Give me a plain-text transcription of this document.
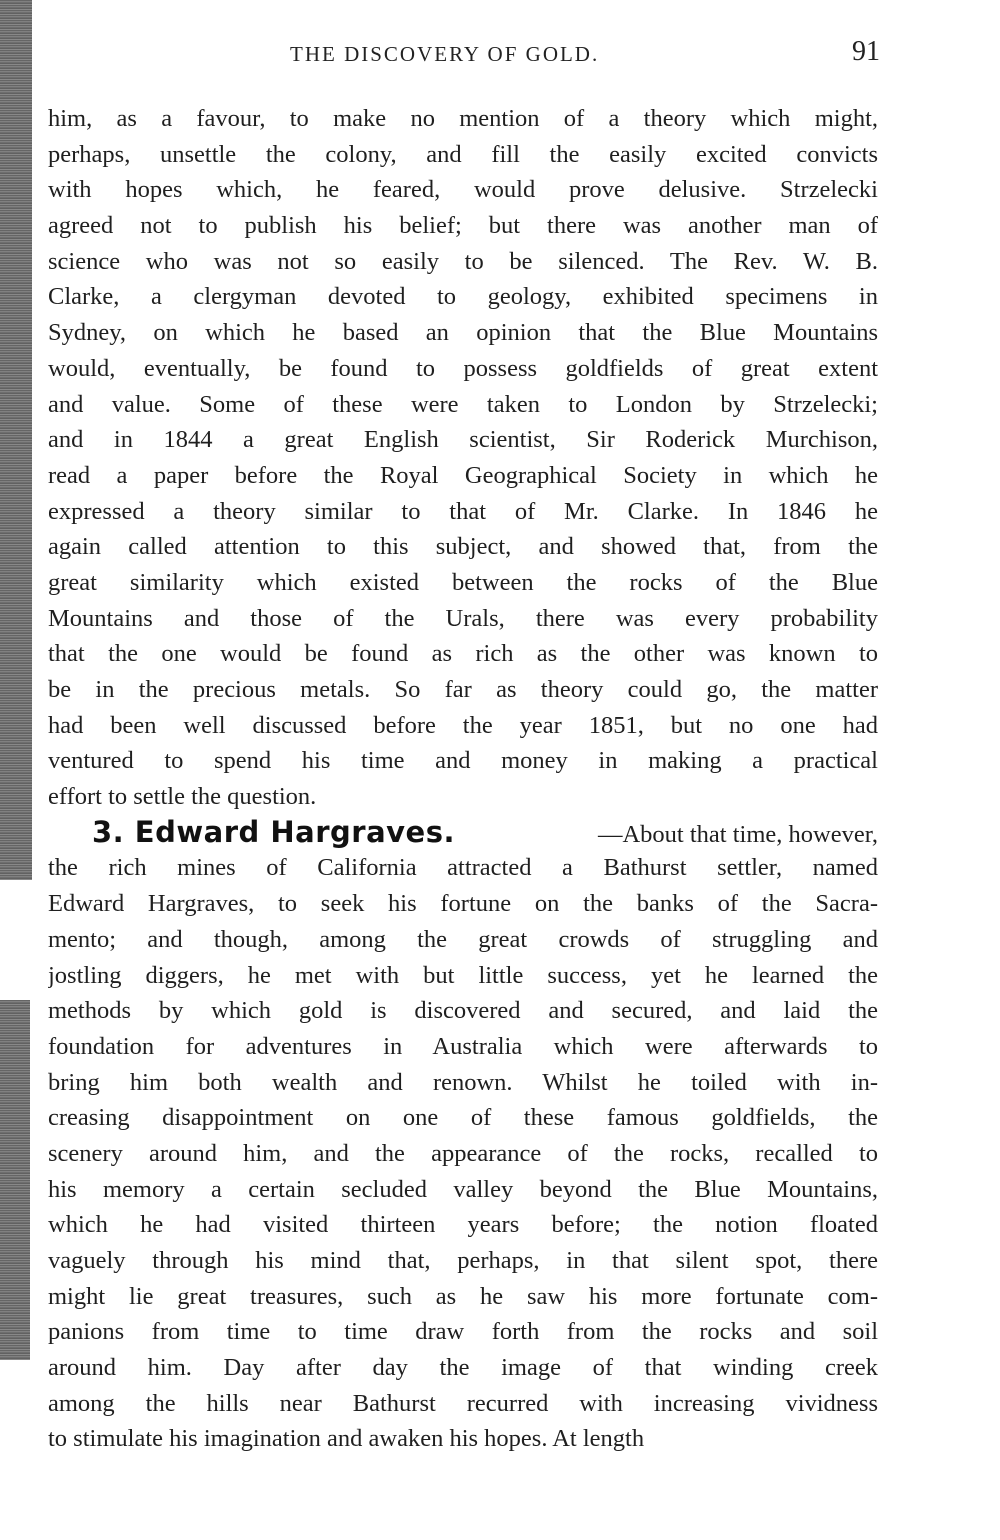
THE DISCOVERY OF GOLD.	91
him, as a favour, to make no mention of a theory which might,
perhaps, unsettle the colony, and fill the easily excited convicts
with hopes which, he feared, would prove delusive. Strzelecki
agreed not to publish his belief; but there was another man of
science who was not so easily to be silenced. The Rev. W. B.
Clarke, a clergyman devoted to geology, exhibited specimens in
Sydney, on which he based an opinion that the Blue Mountains
would, eventually, be found to possess goldfields of great extent
and value. Some of these were taken to London by Strzelecki;
and in 1844 a great English scientist, Sir Roderick Murchison,
read a paper before the Royal Geographical Society in which he
expressed a theory similar to that of Mr. Clarke. In 1846 he
again called attention to this subject, and showed that, from the
great similarity which existed between the rocks of the Blue
Mountains and those of the Urals, there was every probability
that the one would be found as rich as the other was known to
be in the precious metals. So far as theory could go, the matter
had been well discussed before the year 1851, but no one had
ventured to spend his time and money in making a practical
effort to settle the question.
3. Edward Hargraves.	—About that time, however,
the rich mines of California attracted a Bathurst settler, named
Edward Hargraves, to seek his fortune on the banks of the Sacra-
mento; and though, among the great crowds of struggling and
jostling diggers, he met with but little success, yet he learned the
methods by which gold is discovered and secured, and laid the
foundation for adventures in Australia which were afterwards to
bring him both wealth and renown. Whilst he toiled with in-
creasing disappointment on one of these famous goldfields, the
scenery around him, and the appearance of the rocks, recalled to
his memory a certain secluded valley beyond the Blue Mountains,
which he had visited thirteen years before; the notion floated
vaguely through his mind that, perhaps, in that silent spot, there
might lie great treasures, such as he saw his more fortunate com-
panions from time to time draw forth from the rocks and soil
around him. Day after day the image of that winding creek
among the hills near Bathurst recurred with increasing vividness
to stimulate his imagination and awaken his hopes. At length
